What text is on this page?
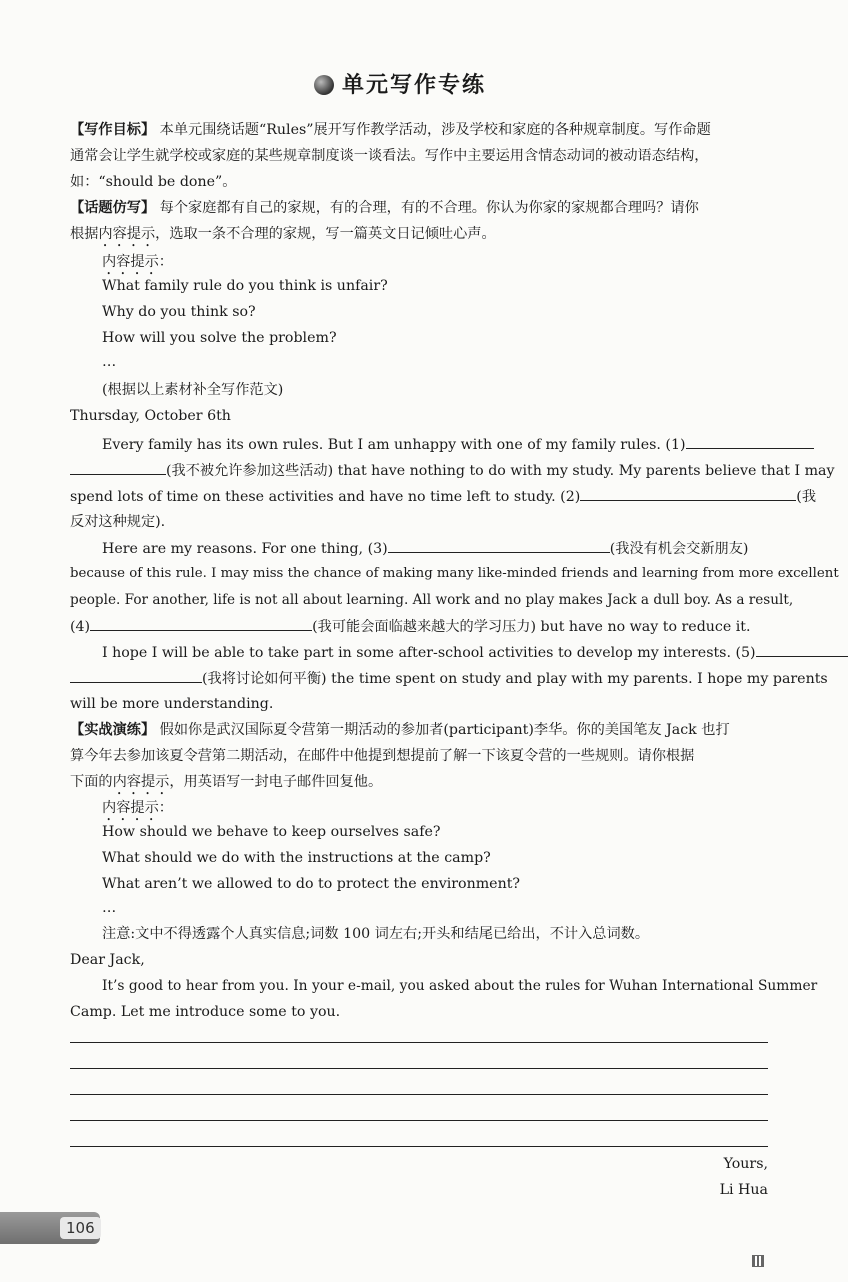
单元写作专练
【写作目标】 本单元围绕话题“Rules”展开写作教学活动，涉及学校和家庭的各种规章制度。写作命题
通常会让学生就学校或家庭的某些规章制度谈一谈看法。写作中主要运用含情态动词的被动语态结构，
如：“should be done”。
【话题仿写】 每个家庭都有自己的家规，有的合理，有的不合理。你认为你家的家规都合理吗？请你
根据内容提示，选取一条不合理的家规，写一篇英文日记倾吐心声。
内容提示：
What family rule do you think is unfair?
Why do you think so?
How will you solve the problem?
…
(根据以上素材补全写作范文)
Thursday, October 6th
Every family has its own rules. But I am unhappy with one of my family rules. (1)
(我不被允许参加这些活动) that have nothing to do with my study. My parents believe that I may
spend lots of time on these activities and have no time left to study. (2)	(我
反对这种规定).
Here are my reasons. For one thing, (3)	(我没有机会交新朋友)
because of this rule. I may miss the chance of making many like-minded friends and learning from more excellent
people. For another, life is not all about learning. All work and no play makes Jack a dull boy. As a result,
(4)	(我可能会面临越来越大的学习压力) but have no way to reduce it.
I hope I will be able to take part in some after-school activities to develop my interests. (5)
(我将讨论如何平衡) the time spent on study and play with my parents. I hope my parents
will be more understanding.
【实战演练】 假如你是武汉国际夏令营第一期活动的参加者(participant)李华。你的美国笔友 Jack 也打
算今年去参加该夏令营第二期活动，在邮件中他提到想提前了解一下该夏令营的一些规则。请你根据
下面的内容提示，用英语写一封电子邮件回复他。
内容提示：
How should we behave to keep ourselves safe?
What should we do with the instructions at the camp?
What aren’t we allowed to do to protect the environment?
…
注意:文中不得透露个人真实信息;词数 100 词左右;开头和结尾已给出，不计入总词数。
Dear Jack,
It’s good to hear from you. In your e-mail, you asked about the rules for Wuhan International Summer
Camp. Let me introduce some to you.
Yours,
Li Hua
106
